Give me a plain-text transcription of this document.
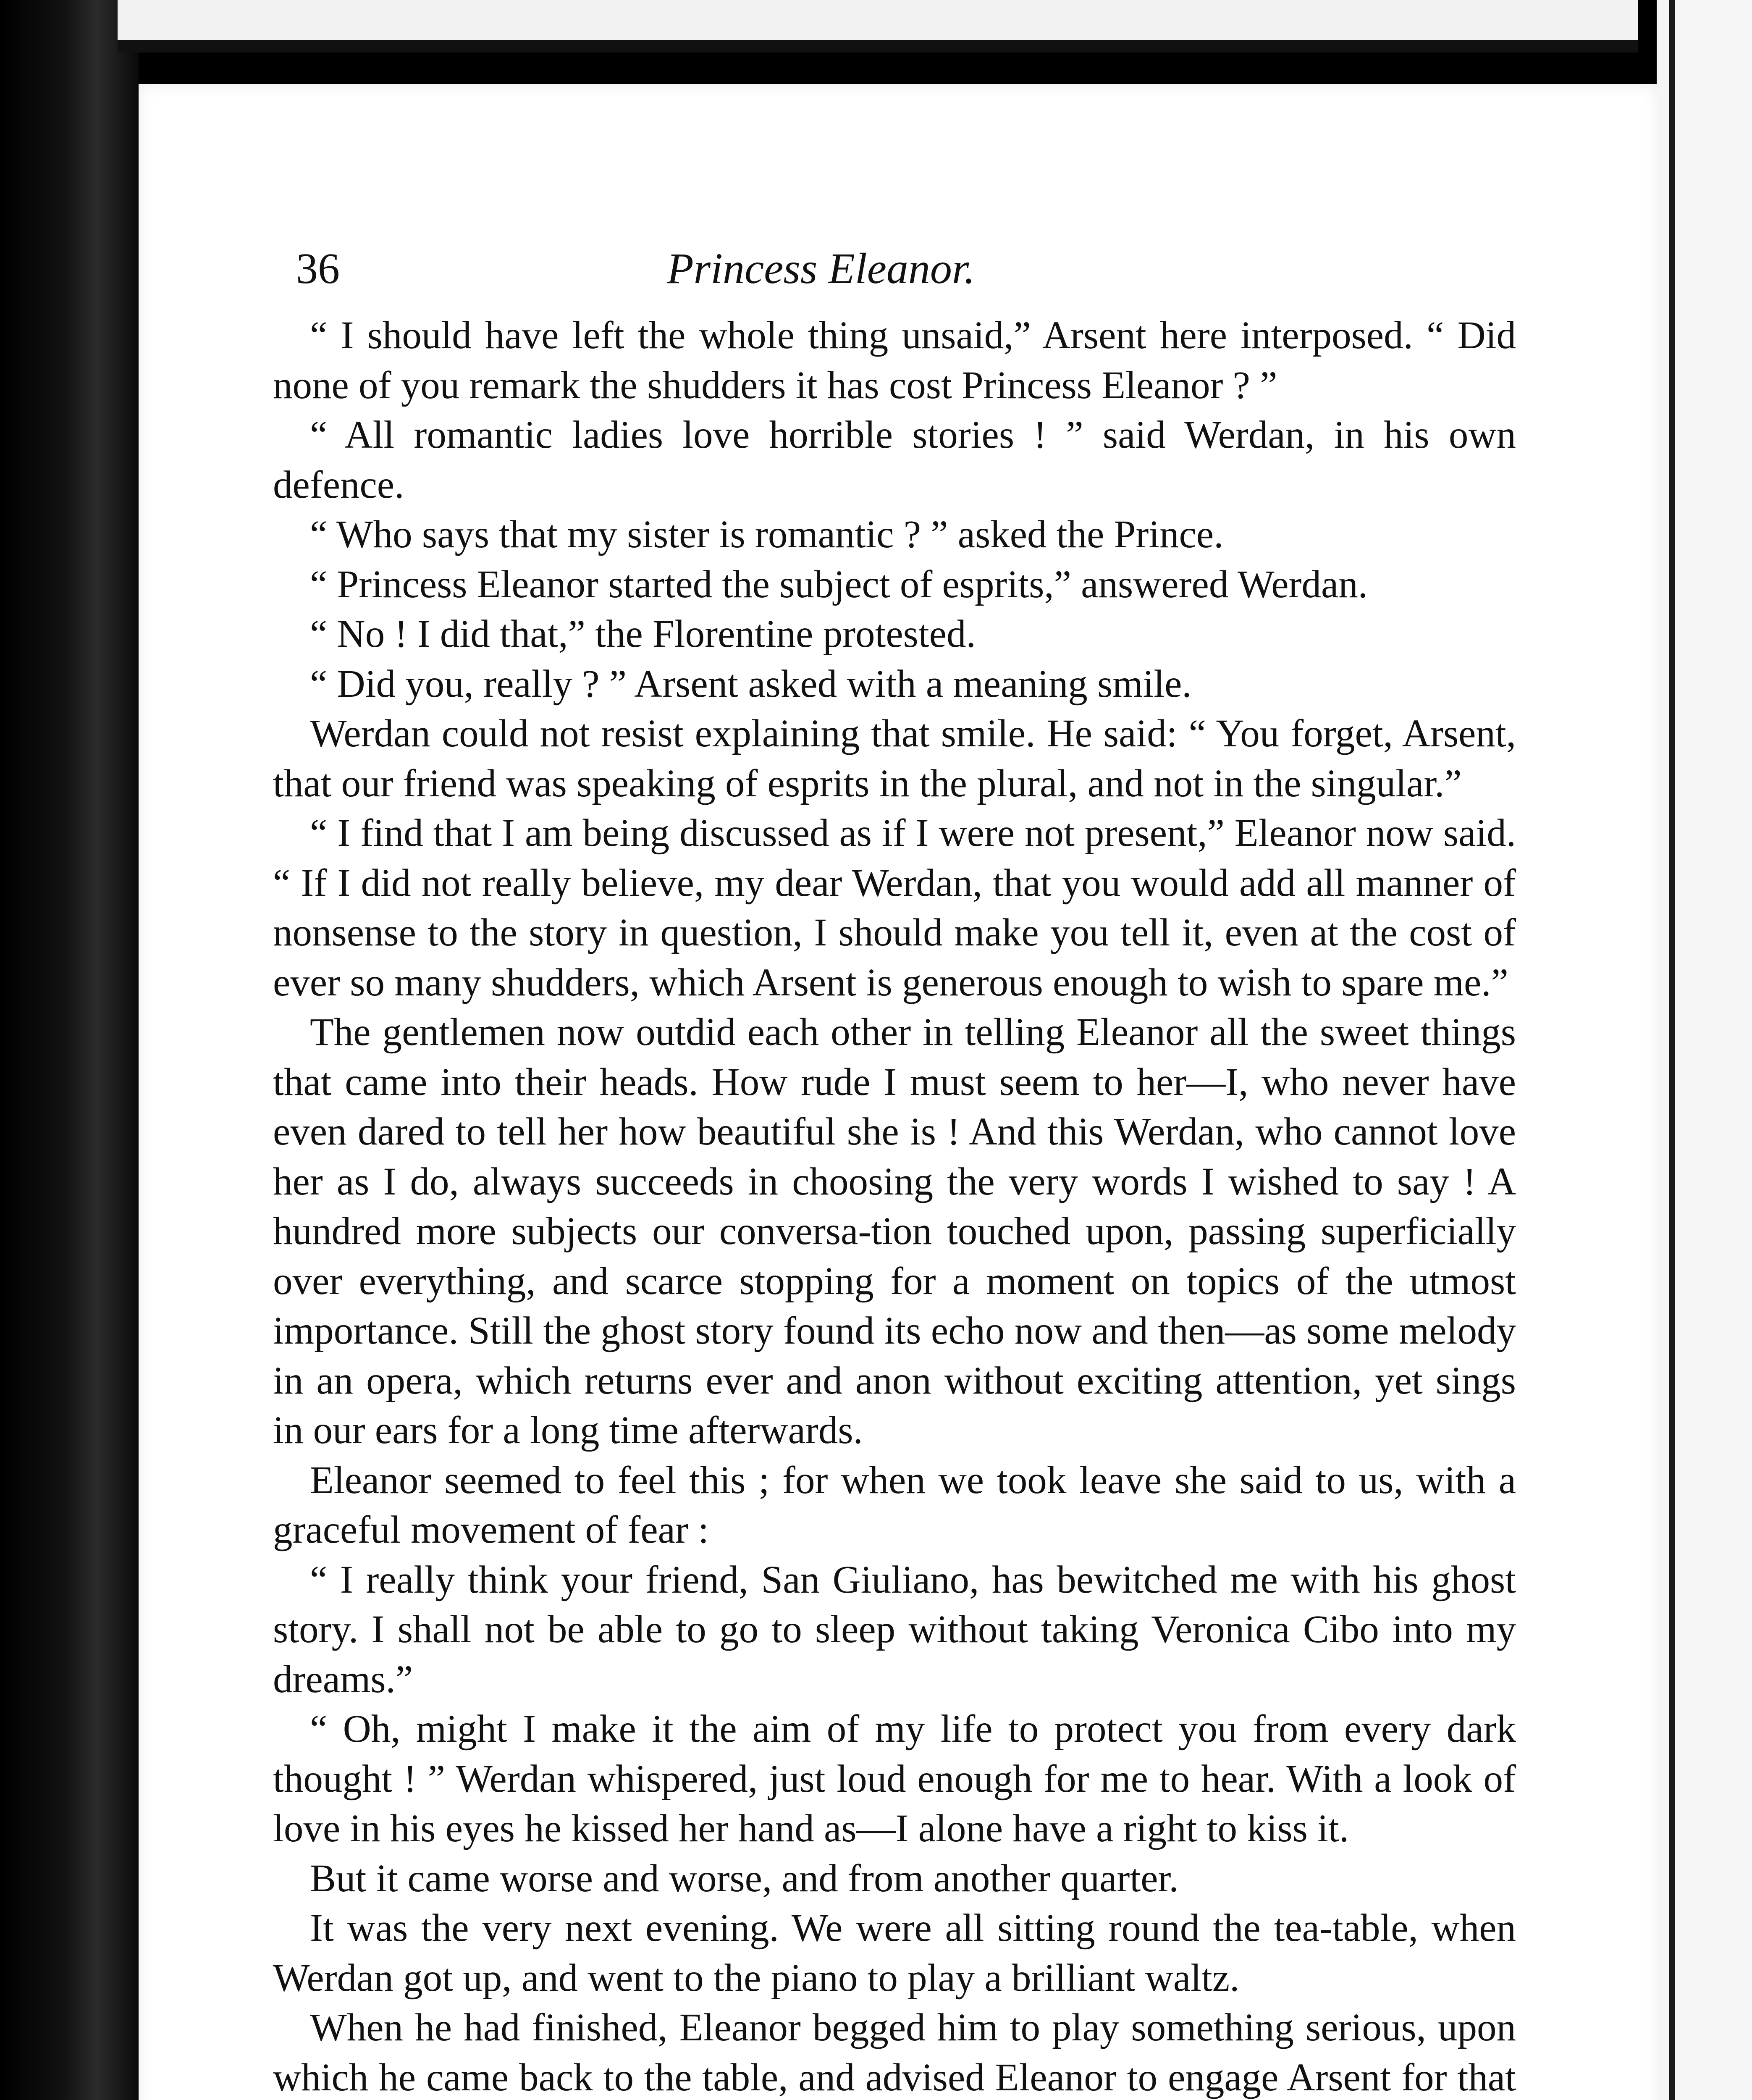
36	Princess Eleanor.

“ I should have left the whole thing unsaid,” Arsent here interposed. “ Did none of you remark the shudders it has cost Princess Eleanor ? ”

“ All romantic ladies love horrible stories ! ” said Werdan, in his own defence.

“ Who says that my sister is romantic ? ” asked the Prince.

“ Princess Eleanor started the subject of esprits,” answered Werdan.

“ No ! I did that,” the Florentine protested.

“ Did you, really ? ” Arsent asked with a meaning smile.

Werdan could not resist explaining that smile. He said: “ You forget, Arsent, that our friend was speaking of esprits in the plural, and not in the singular.”

“ I find that I am being discussed as if I were not present,” Eleanor now said. “ If I did not really believe, my dear Werdan, that you would add all manner of nonsense to the story in question, I should make you tell it, even at the cost of ever so many shudders, which Arsent is generous enough to wish to spare me.”

The gentlemen now outdid each other in telling Eleanor all the sweet things that came into their heads. How rude I must seem to her—I, who never have even dared to tell her how beautiful she is ! And this Werdan, who cannot love her as I do, always succeeds in choosing the very words I wished to say ! A hundred more subjects our conversa-tion touched upon, passing superficially over everything, and scarce stopping for a moment on topics of the utmost importance. Still the ghost story found its echo now and then—as some melody in an opera, which returns ever and anon without exciting attention, yet sings in our ears for a long time afterwards.

Eleanor seemed to feel this ; for when we took leave she said to us, with a graceful movement of fear :

“ I really think your friend, San Giuliano, has bewitched me with his ghost story. I shall not be able to go to sleep without taking Veronica Cibo into my dreams.”

“ Oh, might I make it the aim of my life to protect you from every dark thought ! ” Werdan whispered, just loud enough for me to hear. With a look of love in his eyes he kissed her hand as—I alone have a right to kiss it.

But it came worse and worse, and from another quarter.

It was the very next evening. We were all sitting round the tea-table, when Werdan got up, and went to the piano to play a brilliant waltz.

When he had finished, Eleanor begged him to play something serious, upon which he came back to the table, and advised Eleanor to engage Arsent for that
